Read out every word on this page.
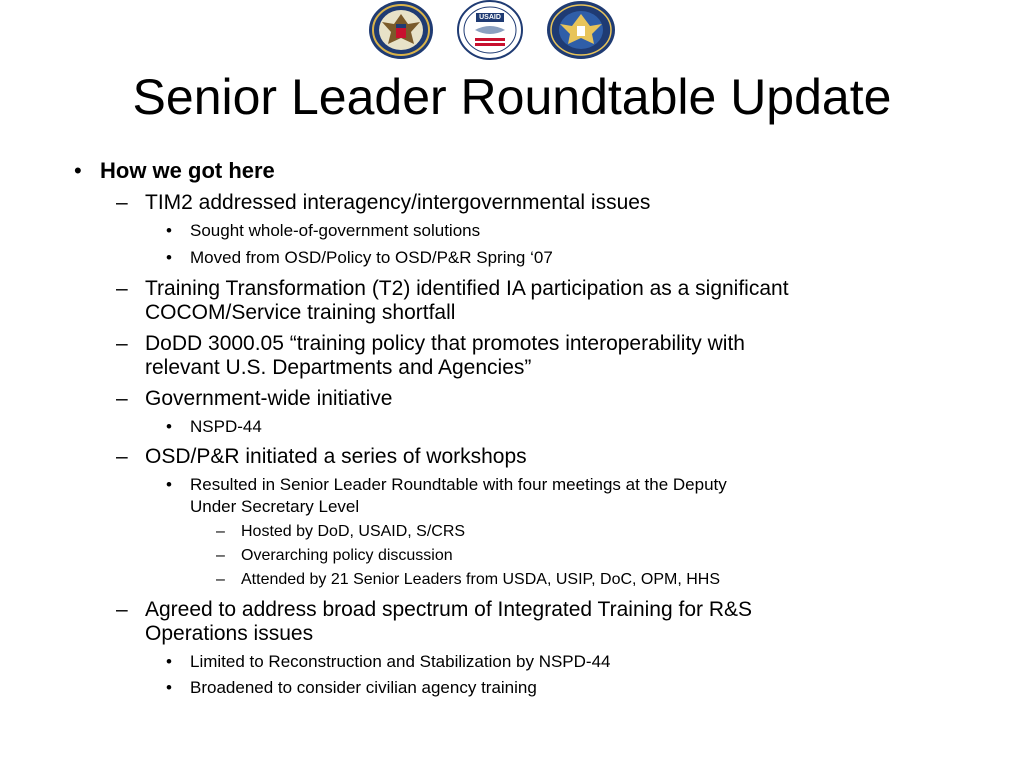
USAID
Senior Leader Roundtable Update
• How we got here
– TIM2 addressed interagency/intergovernmental issues
• Sought whole-of-government solutions
• Moved from OSD/Policy to OSD/P&R Spring ‘07
– Training Transformation (T2) identified IA participation as a significant
COCOM/Service training shortfall
– DoDD 3000.05 “training policy that promotes interoperability with
relevant U.S. Departments and Agencies”
– Government-wide initiative
• NSPD-44
– OSD/P&R initiated a series of workshops
• Resulted in Senior Leader Roundtable with four meetings at the Deputy
Under Secretary Level
– Hosted by DoD, USAID, S/CRS
– Overarching policy discussion
– Attended by 21 Senior Leaders from USDA, USIP, DoC, OPM, HHS
– Agreed to address broad spectrum of Integrated Training for R&S
Operations issues
• Limited to Reconstruction and Stabilization by NSPD-44
• Broadened to consider civilian agency training
